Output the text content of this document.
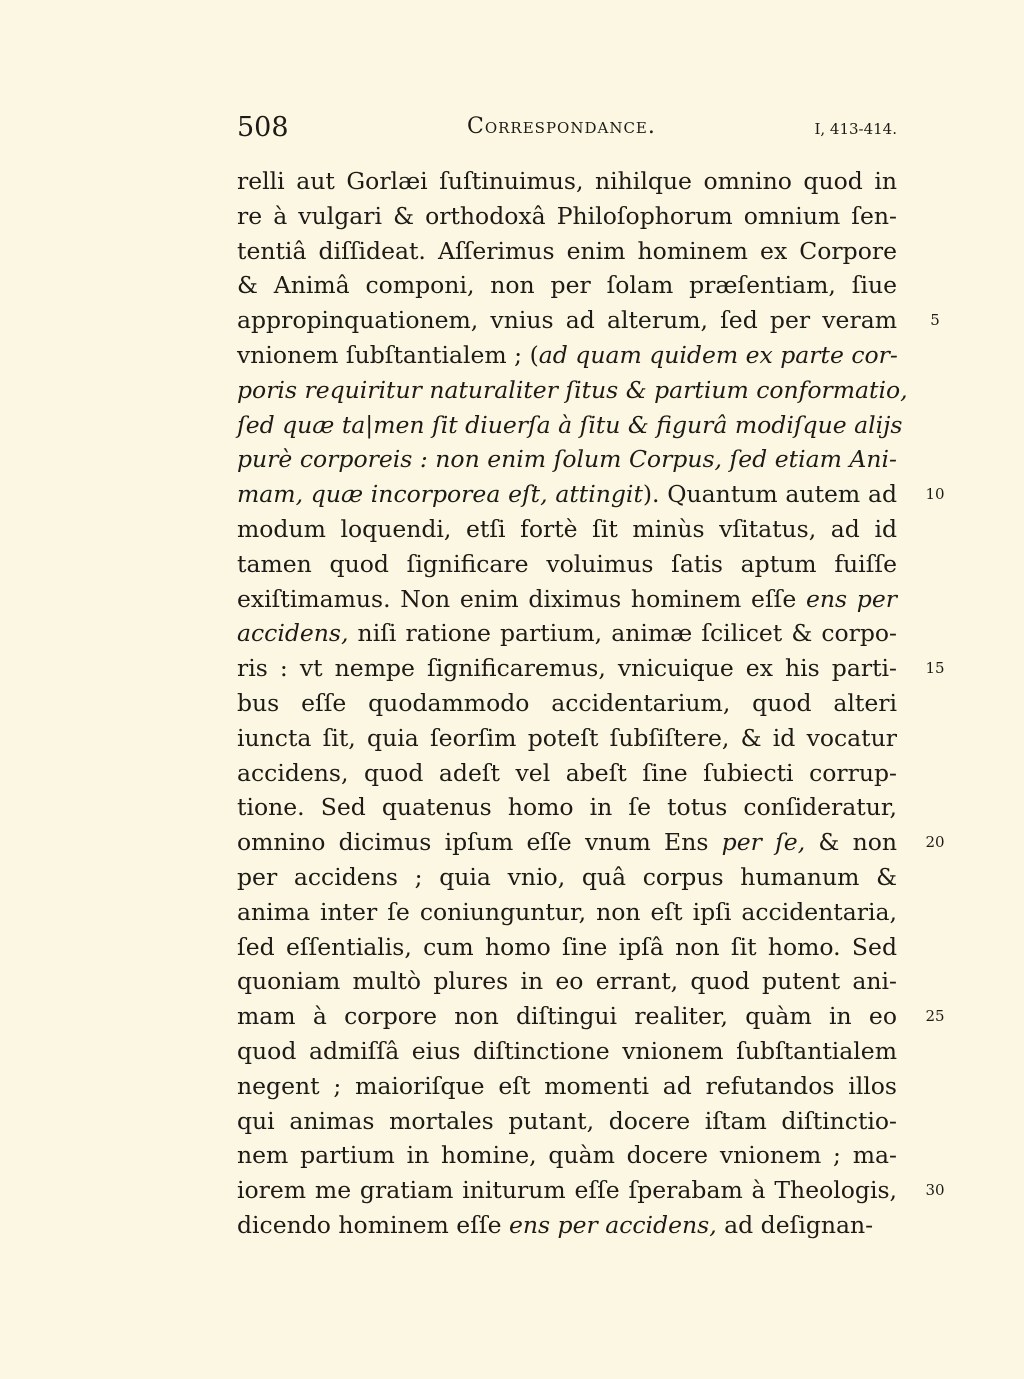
508	Correspondance.	I, 413-414.
relli aut Gorlæi ſuſtinuimus, nihilque omnino quod in
re à vulgari & orthodoxâ Philoſophorum omnium ſen-
tentiâ diſſideat. Aſſerimus enim hominem ex Corpore
& Animâ componi, non per ſolam præſentiam, ſiue
appropinquationem, vnius ad alterum, ſed per veram
vnionem ſubſtantialem ; (ad quam quidem ex parte cor-
poris requiritur naturaliter ſitus & partium conformatio,
ſed quæ ta|men ſit diuerſa à ſitu & figurâ modiſque alijs
purè corporeis : non enim ſolum Corpus, ſed etiam Ani-
mam, quæ incorporea eſt, attingit). Quantum autem ad
modum loquendi, etſi fortè ſit minùs vſitatus, ad id
tamen quod ſignificare voluimus ſatis aptum fuiſſe
exiſtimamus. Non enim diximus hominem eſſe ens per
accidens, niſi ratione partium, animæ ſcilicet & corpo-
ris : vt nempe ſignificaremus, vnicuique ex his parti-
bus eſſe quodammodo accidentarium, quod alteri
iuncta ſit, quia ſeorſim poteſt ſubſiſtere, & id vocatur
accidens, quod adeſt vel abeſt ſine ſubiecti corrup-
tione. Sed quatenus homo in ſe totus conſideratur,
omnino dicimus ipſum eſſe vnum Ens per ſe, & non
per accidens ; quia vnio, quâ corpus humanum &
anima inter ſe coniunguntur, non eſt ipſi accidentaria,
ſed eſſentialis, cum homo ſine ipſâ non ſit homo. Sed
quoniam multò plures in eo errant, quod putent ani-
mam à corpore non diſtingui realiter, quàm in eo
quod admiſſâ eius diſtinctione vnionem ſubſtantialem
negent ; maioriſque eſt momenti ad refutandos illos
qui animas mortales putant, docere iſtam diſtinctio-
nem partium in homine, quàm docere vnionem ; ma-
iorem me gratiam initurum eſſe ſperabam à Theologis,
dicendo hominem eſſe ens per accidens, ad deſignan-
5
10
15
20
25
30
